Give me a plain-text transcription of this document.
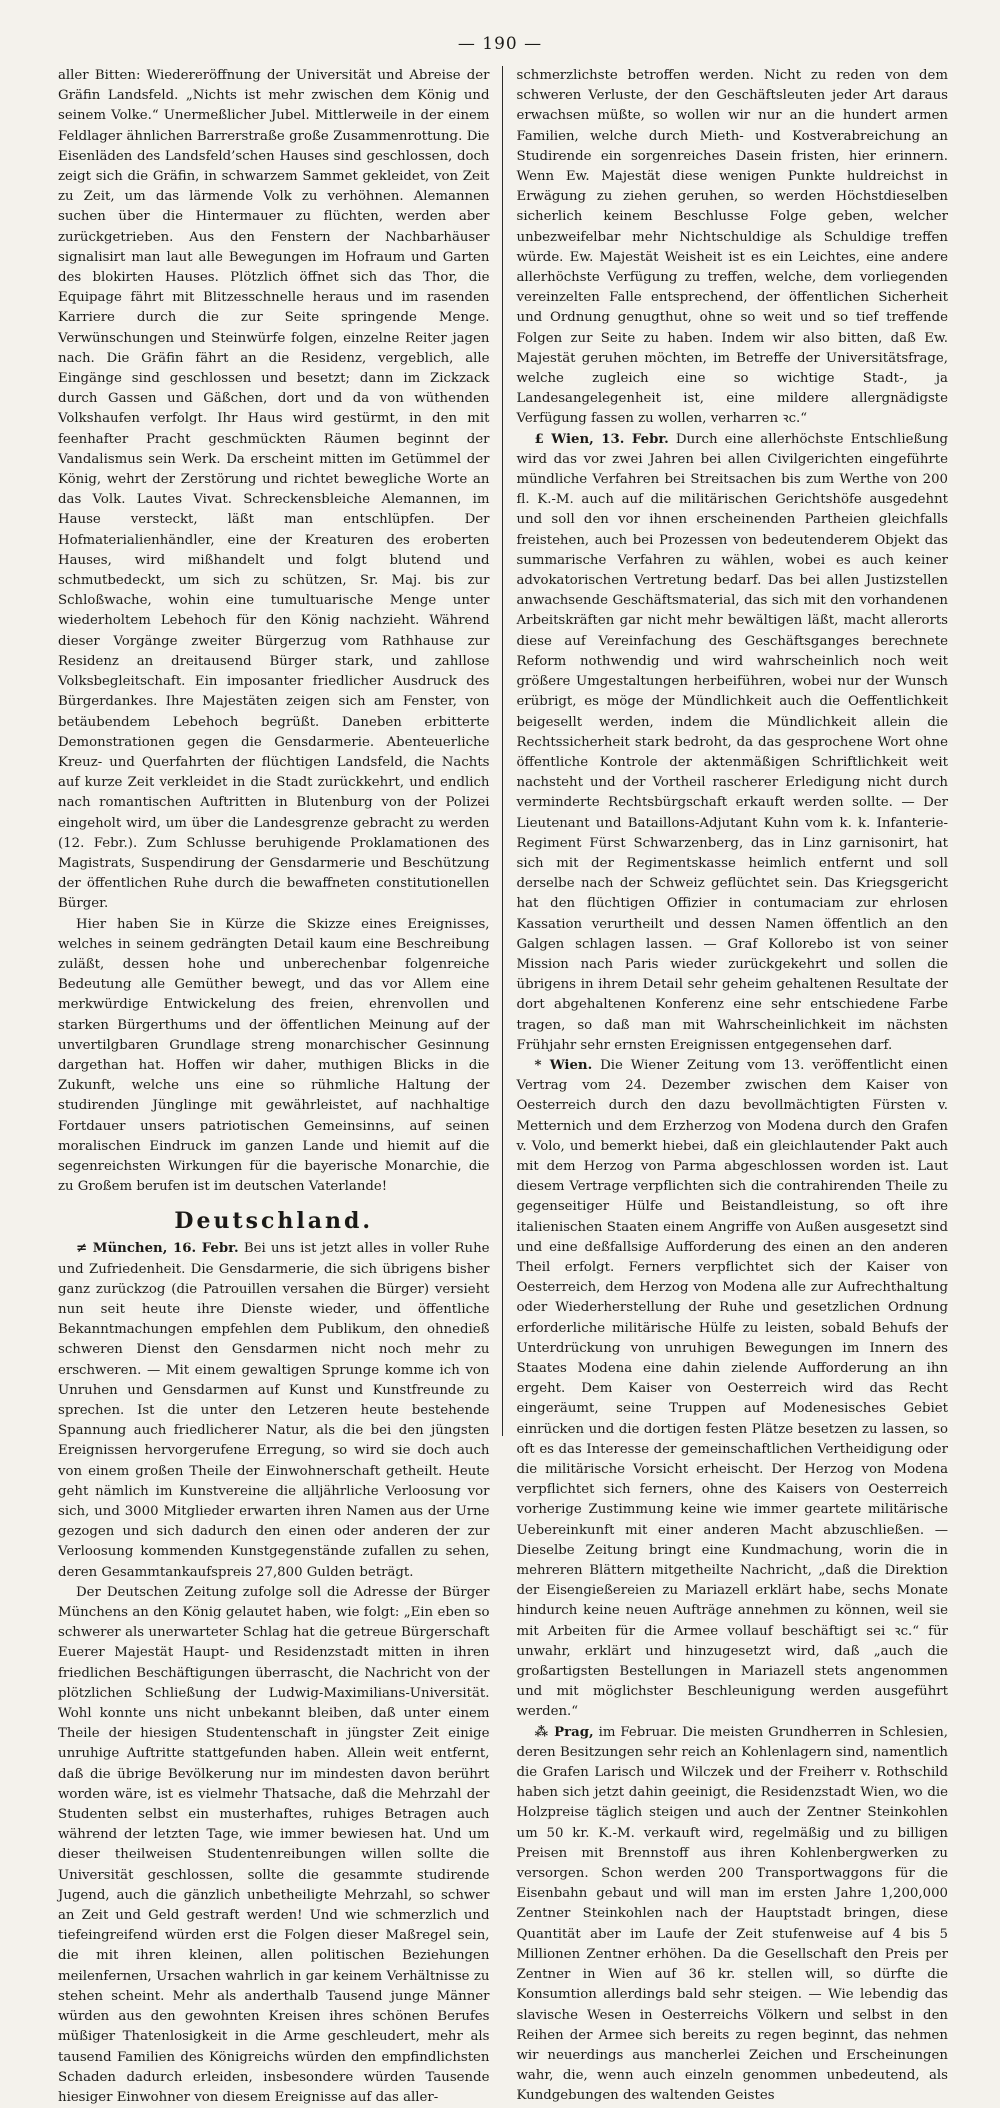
— 190 —

aller Bitten: Wiedereröffnung der Universität und Abreise der Gräfin Landsfeld. „Nichts ist mehr zwischen dem König und seinem Volke.“ Unermeßlicher Jubel. Mittlerweile in der einem Feldlager ähnlichen Barrerstraße große Zusammenrottung. Die Eisenläden des Landsfeld’schen Hauses sind geschlossen, doch zeigt sich die Gräfin, in schwarzem Sammet gekleidet, von Zeit zu Zeit, um das lärmende Volk zu verhöhnen. Alemannen suchen über die Hintermauer zu flüchten, werden aber zurückgetrieben. Aus den Fenstern der Nachbarhäuser signalisirt man laut alle Bewegungen im Hofraum und Garten des blokirten Hauses. Plötzlich öffnet sich das Thor, die Equipage fährt mit Blitzesschnelle heraus und im rasenden Karriere durch die zur Seite springende Menge. Verwünschungen und Steinwürfe folgen, einzelne Reiter jagen nach. Die Gräfin fährt an die Residenz, vergeblich, alle Eingänge sind geschlossen und besetzt; dann im Zickzack durch Gassen und Gäßchen, dort und da von wüthenden Volkshaufen verfolgt. Ihr Haus wird gestürmt, in den mit feenhafter Pracht geschmückten Räumen beginnt der Vandalismus sein Werk. Da erscheint mitten im Getümmel der König, wehrt der Zerstörung und richtet bewegliche Worte an das Volk. Lautes Vivat. Schreckensbleiche Alemannen, im Hause versteckt, läßt man entschlüpfen. Der Hofmaterialienhändler, eine der Kreaturen des eroberten Hauses, wird mißhandelt und folgt blutend und schmutbedeckt, um sich zu schützen, Sr. Maj. bis zur Schloßwache, wohin eine tumultuarische Menge unter wiederholtem Lebehoch für den König nachzieht. Während dieser Vorgänge zweiter Bürgerzug vom Rathhause zur Residenz an dreitausend Bürger stark, und zahllose Volksbegleitschaft. Ein imposanter friedlicher Ausdruck des Bürgerdankes. Ihre Majestäten zeigen sich am Fenster, von betäubendem Lebehoch begrüßt. Daneben erbitterte Demonstrationen gegen die Gensdarmerie. Abenteuerliche Kreuz- und Querfahrten der flüchtigen Landsfeld, die Nachts auf kurze Zeit verkleidet in die Stadt zurückkehrt, und endlich nach romantischen Auftritten in Blutenburg von der Polizei eingeholt wird, um über die Landesgrenze gebracht zu werden (12. Febr.). Zum Schlusse beruhigende Proklamationen des Magistrats, Suspendirung der Gensdarmerie und Beschützung der öffentlichen Ruhe durch die bewaffneten constitutionellen Bürger.

Hier haben Sie in Kürze die Skizze eines Ereignisses, welches in seinem gedrängten Detail kaum eine Beschreibung zuläßt, dessen hohe und unberechenbar folgenreiche Bedeutung alle Gemüther bewegt, und das vor Allem eine merkwürdige Entwickelung des freien, ehrenvollen und starken Bürgerthums und der öffentlichen Meinung auf der unvertilgbaren Grundlage streng monarchischer Gesinnung dargethan hat. Hoffen wir daher, muthigen Blicks in die Zukunft, welche uns eine so rühmliche Haltung der studirenden Jünglinge mit gewährleistet, auf nachhaltige Fortdauer unsers patriotischen Gemeinsinns, auf seinen moralischen Eindruck im ganzen Lande und hiemit auf die segenreichsten Wirkungen für die bayerische Monarchie, die zu Großem berufen ist im deutschen Vaterlande!

Deutschland.

≠ München, 16. Febr. Bei uns ist jetzt alles in voller Ruhe und Zufriedenheit. Die Gensdarmerie, die sich übrigens bisher ganz zurückzog (die Patrouillen versahen die Bürger) versieht nun seit heute ihre Dienste wieder, und öffentliche Bekanntmachungen empfehlen dem Publikum, den ohnedieß schweren Dienst den Gensdarmen nicht noch mehr zu erschweren. — Mit einem gewaltigen Sprunge komme ich von Unruhen und Gensdarmen auf Kunst und Kunstfreunde zu sprechen. Ist die unter den Letzeren heute bestehende Spannung auch friedlicherer Natur, als die bei den jüngsten Ereignissen hervorgerufene Erregung, so wird sie doch auch von einem großen Theile der Einwohnerschaft getheilt. Heute geht nämlich im Kunstvereine die alljährliche Verloosung vor sich, und 3000 Mitglieder erwarten ihren Namen aus der Urne gezogen und sich dadurch den einen oder anderen der zur Verloosung kommenden Kunstgegenstände zufallen zu sehen, deren Gesammtankaufspreis 27,800 Gulden beträgt.

Der Deutschen Zeitung zufolge soll die Adresse der Bürger Münchens an den König gelautet haben, wie folgt: „Ein eben so schwerer als unerwarteter Schlag hat die getreue Bürgerschaft Euerer Majestät Haupt- und Residenzstadt mitten in ihren friedlichen Beschäftigungen überrascht, die Nachricht von der plötzlichen Schließung der Ludwig-Maximilians-Universität. Wohl konnte uns nicht unbekannt bleiben, daß unter einem Theile der hiesigen Studentenschaft in jüngster Zeit einige unruhige Auftritte stattgefunden haben. Allein weit entfernt, daß die übrige Bevölkerung nur im mindesten davon berührt worden wäre, ist es vielmehr Thatsache, daß die Mehrzahl der Studenten selbst ein musterhaftes, ruhiges Betragen auch während der letzten Tage, wie immer bewiesen hat. Und um dieser theilweisen Studentenreibungen willen sollte die Universität geschlossen, sollte die gesammte studirende Jugend, auch die gänzlich unbetheiligte Mehrzahl, so schwer an Zeit und Geld gestraft werden! Und wie schmerzlich und tiefeingreifend würden erst die Folgen dieser Maßregel sein, die mit ihren kleinen, allen politischen Beziehungen meilenfernen, Ursachen wahrlich in gar keinem Verhältnisse zu stehen scheint. Mehr als anderthalb Tausend junge Männer würden aus den gewohnten Kreisen ihres schönen Berufes müßiger Thatenlosigkeit in die Arme geschleudert, mehr als tausend Familien des Königreichs würden den empfindlichsten Schaden dadurch erleiden, insbesondere würden Tausende hiesiger Einwohner von diesem Ereignisse auf das aller-

schmerzlichste betroffen werden. Nicht zu reden von dem schweren Verluste, der den Geschäftsleuten jeder Art daraus erwachsen müßte, so wollen wir nur an die hundert armen Familien, welche durch Mieth- und Kostverabreichung an Studirende ein sorgenreiches Dasein fristen, hier erinnern. Wenn Ew. Majestät diese wenigen Punkte huldreichst in Erwägung zu ziehen geruhen, so werden Höchstdieselben sicherlich keinem Beschlusse Folge geben, welcher unbezweifelbar mehr Nichtschuldige als Schuldige treffen würde. Ew. Majestät Weisheit ist es ein Leichtes, eine andere allerhöchste Verfügung zu treffen, welche, dem vorliegenden vereinzelten Falle entsprechend, der öffentlichen Sicherheit und Ordnung genugthut, ohne so weit und so tief treffende Folgen zur Seite zu haben. Indem wir also bitten, daß Ew. Majestät geruhen möchten, im Betreffe der Universitätsfrage, welche zugleich eine so wichtige Stadt-, ja Landesangelegenheit ist, eine mildere allergnädigste Verfügung fassen zu wollen, verharren ꝛc.“

£ Wien, 13. Febr. Durch eine allerhöchste Entschließung wird das vor zwei Jahren bei allen Civilgerichten eingeführte mündliche Verfahren bei Streitsachen bis zum Werthe von 200 fl. K.-M. auch auf die militärischen Gerichtshöfe ausgedehnt und soll den vor ihnen erscheinenden Partheien gleichfalls freistehen, auch bei Prozessen von bedeutenderem Objekt das summarische Verfahren zu wählen, wobei es auch keiner advokatorischen Vertretung bedarf. Das bei allen Justizstellen anwachsende Geschäftsmaterial, das sich mit den vorhandenen Arbeitskräften gar nicht mehr bewältigen läßt, macht allerorts diese auf Vereinfachung des Geschäftsganges berechnete Reform nothwendig und wird wahrscheinlich noch weit größere Umgestaltungen herbeiführen, wobei nur der Wunsch erübrigt, es möge der Mündlichkeit auch die Oeffentlichkeit beigesellt werden, indem die Mündlichkeit allein die Rechtssicherheit stark bedroht, da das gesprochene Wort ohne öffentliche Kontrole der aktenmäßigen Schriftlichkeit weit nachsteht und der Vortheil rascherer Erledigung nicht durch verminderte Rechtsbürgschaft erkauft werden sollte. — Der Lieutenant und Bataillons-Adjutant Kuhn vom k. k. Infanterie-Regiment Fürst Schwarzenberg, das in Linz garnisonirt, hat sich mit der Regimentskasse heimlich entfernt und soll derselbe nach der Schweiz geflüchtet sein. Das Kriegsgericht hat den flüchtigen Offizier in contumaciam zur ehrlosen Kassation verurtheilt und dessen Namen öffentlich an den Galgen schlagen lassen. — Graf Kollorebo ist von seiner Mission nach Paris wieder zurückgekehrt und sollen die übrigens in ihrem Detail sehr geheim gehaltenen Resultate der dort abgehaltenen Konferenz eine sehr entschiedene Farbe tragen, so daß man mit Wahrscheinlichkeit im nächsten Frühjahr sehr ernsten Ereignissen entgegensehen darf.

* Wien. Die Wiener Zeitung vom 13. veröffentlicht einen Vertrag vom 24. Dezember zwischen dem Kaiser von Oesterreich durch den dazu bevollmächtigten Fürsten v. Metternich und dem Erzherzog von Modena durch den Grafen v. Volo, und bemerkt hiebei, daß ein gleichlautender Pakt auch mit dem Herzog von Parma abgeschlossen worden ist. Laut diesem Vertrage verpflichten sich die contrahirenden Theile zu gegenseitiger Hülfe und Beistandleistung, so oft ihre italienischen Staaten einem Angriffe von Außen ausgesetzt sind und eine deßfallsige Aufforderung des einen an den anderen Theil erfolgt. Ferners verpflichtet sich der Kaiser von Oesterreich, dem Herzog von Modena alle zur Aufrechthaltung oder Wiederherstellung der Ruhe und gesetzlichen Ordnung erforderliche militärische Hülfe zu leisten, sobald Behufs der Unterdrückung von unruhigen Bewegungen im Innern des Staates Modena eine dahin zielende Aufforderung an ihn ergeht. Dem Kaiser von Oesterreich wird das Recht eingeräumt, seine Truppen auf Modenesisches Gebiet einrücken und die dortigen festen Plätze besetzen zu lassen, so oft es das Interesse der gemeinschaftlichen Vertheidigung oder die militärische Vorsicht erheischt. Der Herzog von Modena verpflichtet sich ferners, ohne des Kaisers von Oesterreich vorherige Zustimmung keine wie immer geartete militärische Uebereinkunft mit einer anderen Macht abzuschließen. — Dieselbe Zeitung bringt eine Kundmachung, worin die in mehreren Blättern mitgetheilte Nachricht, „daß die Direktion der Eisengießereien zu Mariazell erklärt habe, sechs Monate hindurch keine neuen Aufträge annehmen zu können, weil sie mit Arbeiten für die Armee vollauf beschäftigt sei ꝛc.“ für unwahr, erklärt und hinzugesetzt wird, daß „auch die großartigsten Bestellungen in Mariazell stets angenommen und mit möglichster Beschleunigung werden ausgeführt werden.“

⁂ Prag, im Februar. Die meisten Grundherren in Schlesien, deren Besitzungen sehr reich an Kohlenlagern sind, namentlich die Grafen Larisch und Wilczek und der Freiherr v. Rothschild haben sich jetzt dahin geeinigt, die Residenzstadt Wien, wo die Holzpreise täglich steigen und auch der Zentner Steinkohlen um 50 kr. K.-M. verkauft wird, regelmäßig und zu billigen Preisen mit Brennstoff aus ihren Kohlenbergwerken zu versorgen. Schon werden 200 Transportwaggons für die Eisenbahn gebaut und will man im ersten Jahre 1,200,000 Zentner Steinkohlen nach der Hauptstadt bringen, diese Quantität aber im Laufe der Zeit stufenweise auf 4 bis 5 Millionen Zentner erhöhen. Da die Gesellschaft den Preis per Zentner in Wien auf 36 kr. stellen will, so dürfte die Konsumtion allerdings bald sehr steigen. — Wie lebendig das slavische Wesen in Oesterreichs Völkern und selbst in den Reihen der Armee sich bereits zu regen beginnt, das nehmen wir neuerdings aus mancherlei Zeichen und Erscheinungen wahr, die, wenn auch einzeln genommen unbedeutend, als Kundgebungen des waltenden Geistes
